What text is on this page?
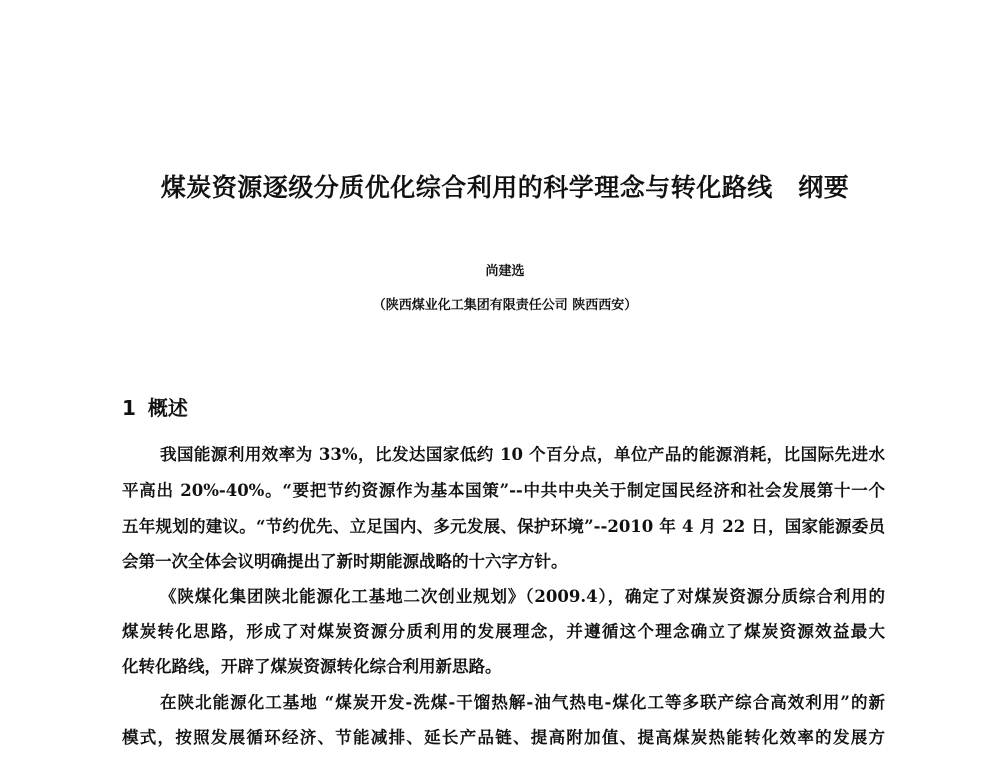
煤炭资源逐级分质优化综合利用的科学理念与转化路线　纲要
尚建选
（陕西煤业化工集团有限责任公司 陕西西安）
1 概述
我国能源利用效率为 33%，比发达国家低约 10 个百分点，单位产品的能源消耗，比国际先进水
平高出 20%-40%。“要把节约资源作为基本国策”--中共中央关于制定国民经济和社会发展第十一个
五年规划的建议。“节约优先、立足国内、多元发展、保护环境”--2010 年 4 月 22 日，国家能源委员
会第一次全体会议明确提出了新时期能源战略的十六字方针。
《陕煤化集团陕北能源化工基地二次创业规划》（2009.4），确定了对煤炭资源分质综合利用的
煤炭转化思路，形成了对煤炭资源分质利用的发展理念，并遵循这个理念确立了煤炭资源效益最大
化转化路线，开辟了煤炭资源转化综合利用新思路。
在陕北能源化工基地 “煤炭开发-洗煤-干馏热解-油气热电-煤化工等多联产综合高效利用”的新
模式，按照发展循环经济、节能减排、延长产品链、提高附加值、提高煤炭热能转化效率的发展方
